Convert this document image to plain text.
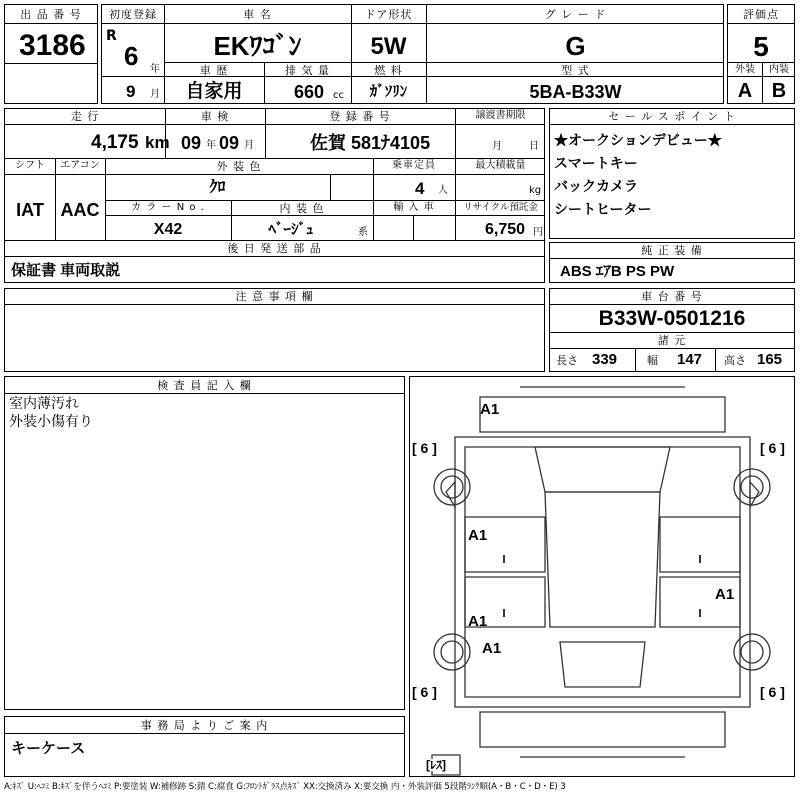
出 品 番 号
3186
初度登録	車 名	ドア形状	グ レ ー ド
R
6 年
EKﾜｺﾞﾝ	5W	G
車 歴	排 気 量	燃 料	型 式
9 月	自家用	660 cc	ｶﾞｿﾘﾝ	5BA-B33W
評価点
5
外装	内装
A B
走 行	車 検	登 録 番 号	譲渡書期限
4,175 km 09 年 09 月	佐賀 581ﾅ4105	月	日
シフト	エアコン	外 装 色	乗車定員	最大積載量
IAT AAC
ｸﾛ	4 人	kg
カ ラ ー N o .	内 装 色	輸 入 車	リサイクル預託金
X42	ﾍﾞｰｼﾞｭ	系	6,750 円
後 日 発 送 部 品
保証書 車両取説
セ ー ル ス ポ イ ン ト
★オークションデビュー★
スマートキー
バックカメラ
シートヒーター
純 正 装 備
ABS ｴｱB PS PW
注 意 事 項 欄	車 台 番 号
B33W-0501216
諸 元
長さ 339	幅 147 高さ 165
検 査 員 記 入 欄
室内薄汚れ
外装小傷有り
事 務 局 よ り ご 案 内
キーケース
A1
A1
A1
A1
A1
[ 6 ]	[ 6 ]
[ 6 ]	[ 6 ]
[ﾚｽ]
A:ｷｽﾞ U:ﾍｺﾐ B:ｷｽﾞを伴うﾍｺﾐ P:要塗装 W:補修跡 S:錆 C:腐食 G:ﾌﾛﾝﾄｶﾞﾗｽ点ｷｽﾞ XX:交換済み X:要交換 内・外装評価 5段階ﾗﾝｸ順(A・B・C・D・E) 3
